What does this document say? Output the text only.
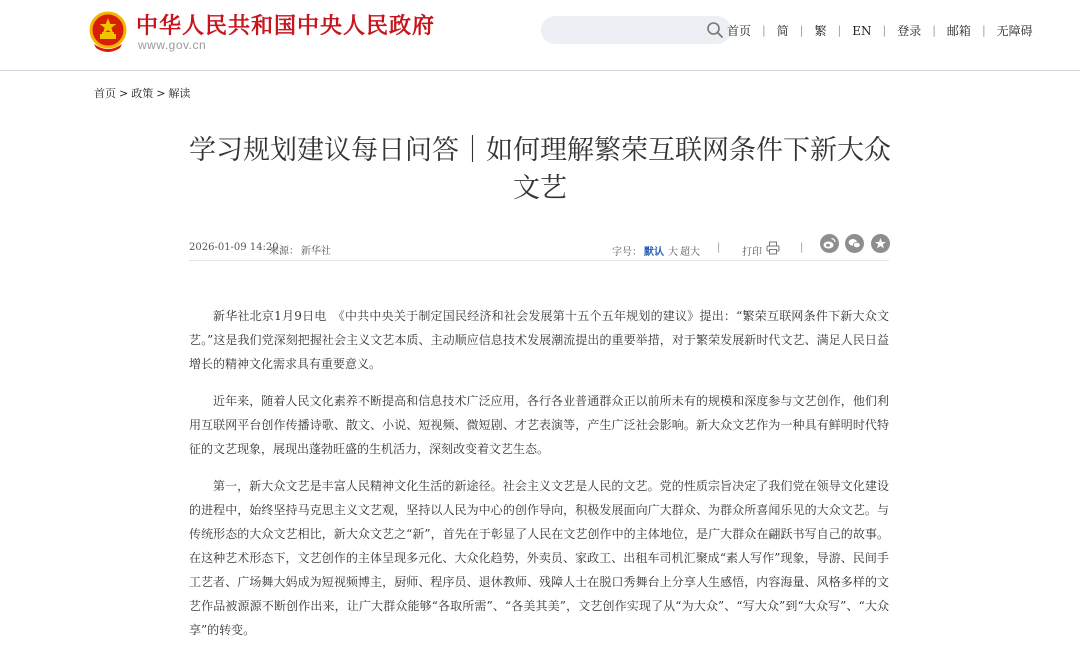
中华人民共和国中央人民政府
www.gov.cn
首页 | 简 | 繁 | EN | 登录 | 邮箱 | 无障碍
首页 > 政策 > 解读
学习规划建议每日问答｜如何理解繁荣互联网条件下新大众文艺
2026-01-09 14:20
来源： 新华社	字号： 默认 大 超大 | 打印	|

新华社北京1月9日电　《中共中央关于制定国民经济和社会发展第十五个五年规划的建议》提出：“繁荣互联网条件下新大众文艺。”这是我们党深刻把握社会主义文艺本质、主动顺应信息技术发展潮流提出的重要举措，对于繁荣发展新时代文艺、满足人民日益增长的精神文化需求具有重要意义。

近年来，随着人民文化素养不断提高和信息技术广泛应用，各行各业普通群众正以前所未有的规模和深度参与文艺创作，他们利用互联网平台创作传播诗歌、散文、小说、短视频、微短剧、才艺表演等，产生广泛社会影响。新大众文艺作为一种具有鲜明时代特征的文艺现象，展现出蓬勃旺盛的生机活力，深刻改变着文艺生态。

第一，新大众文艺是丰富人民精神文化生活的新途径。社会主义文艺是人民的文艺。党的性质宗旨决定了我们党在领导文化建设的进程中，始终坚持马克思主义文艺观，坚持以人民为中心的创作导向，积极发展面向广大群众、为群众所喜闻乐见的大众文艺。与传统形态的大众文艺相比，新大众文艺之“新”，首先在于彰显了人民在文艺创作中的主体地位，是广大群众在翩跃书写自己的故事。在这种艺术形态下，文艺创作的主体呈现多元化、大众化趋势，外卖员、家政工、出租车司机汇聚成“素人写作”现象，导游、民间手工艺者、广场舞大妈成为短视频博主，厨师、程序员、退休教师、残障人士在脱口秀舞台上分享人生感悟，内容海量、风格多样的文艺作品被源源不断创作出来，让广大群众能够“各取所需”、“各美其美”，文艺创作实现了从“为大众”、“写大众”到“大众写”、“大众享”的转变。
